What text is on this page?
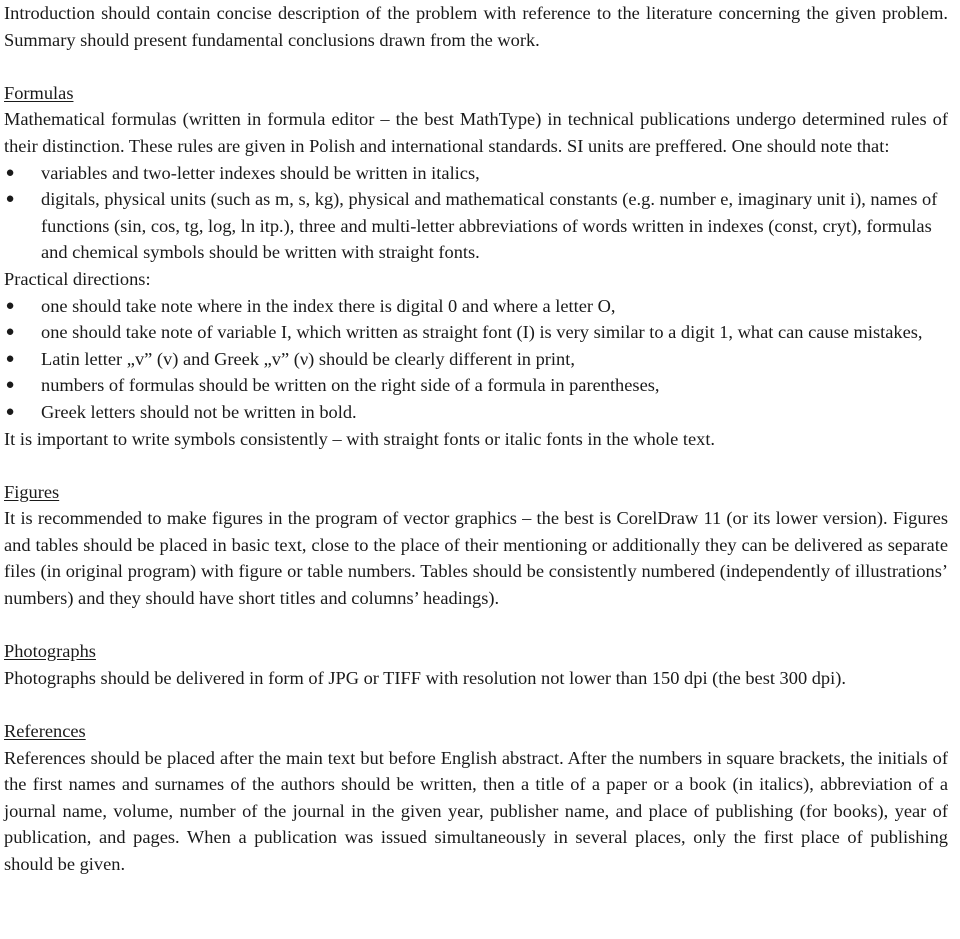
Introduction should contain concise description of the problem with reference to the literature concerning the given problem. Summary should present fundamental conclusions drawn from the work.

Formulas

Mathematical formulas (written in formula editor – the best MathType) in technical publications undergo determined rules of their distinction. These rules are given in Polish and international standards. SI units are preffered. One should note that:

● variables and two-letter indexes should be written in italics,
● digitals, physical units (such as m, s, kg), physical and mathematical constants (e.g. number e, imaginary unit i), names of functions (sin, cos, tg, log, ln itp.), three and multi-letter abbreviations of words written in indexes (const, cryt), formulas and chemical symbols should be written with straight fonts.

Practical directions:

● one should take note where in the index there is digital 0 and where a letter O,
● one should take note of variable I, which written as straight font (I) is very similar to a digit 1, what can cause mistakes,
● Latin letter „v” (v) and Greek „v” (ν) should be clearly different in print,
● numbers of formulas should be written on the right side of a formula in parentheses,
● Greek letters should not be written in bold.

It is important to write symbols consistently – with straight fonts or italic fonts in the whole text.

Figures

It is recommended to make figures in the program of vector graphics – the best is CorelDraw 11 (or its lower version). Figures and tables should be placed in basic text, close to the place of their mentioning or additionally they can be delivered as separate files (in original program) with figure or table numbers. Tables should be consistently numbered (independently of illustrations’ numbers) and they should have short titles and columns’ headings).

Photographs

Photographs should be delivered in form of JPG or TIFF with resolution not lower than 150 dpi (the best 300 dpi).

References

References should be placed after the main text but before English abstract. After the numbers in square brackets, the initials of the first names and surnames of the authors should be written, then a title of a paper or a book (in italics), abbreviation of a journal name, volume, number of the journal in the given year, publisher name, and place of publishing (for books), year of publication, and pages. When a publication was issued simultaneously in several places, only the first place of publishing should be given.
